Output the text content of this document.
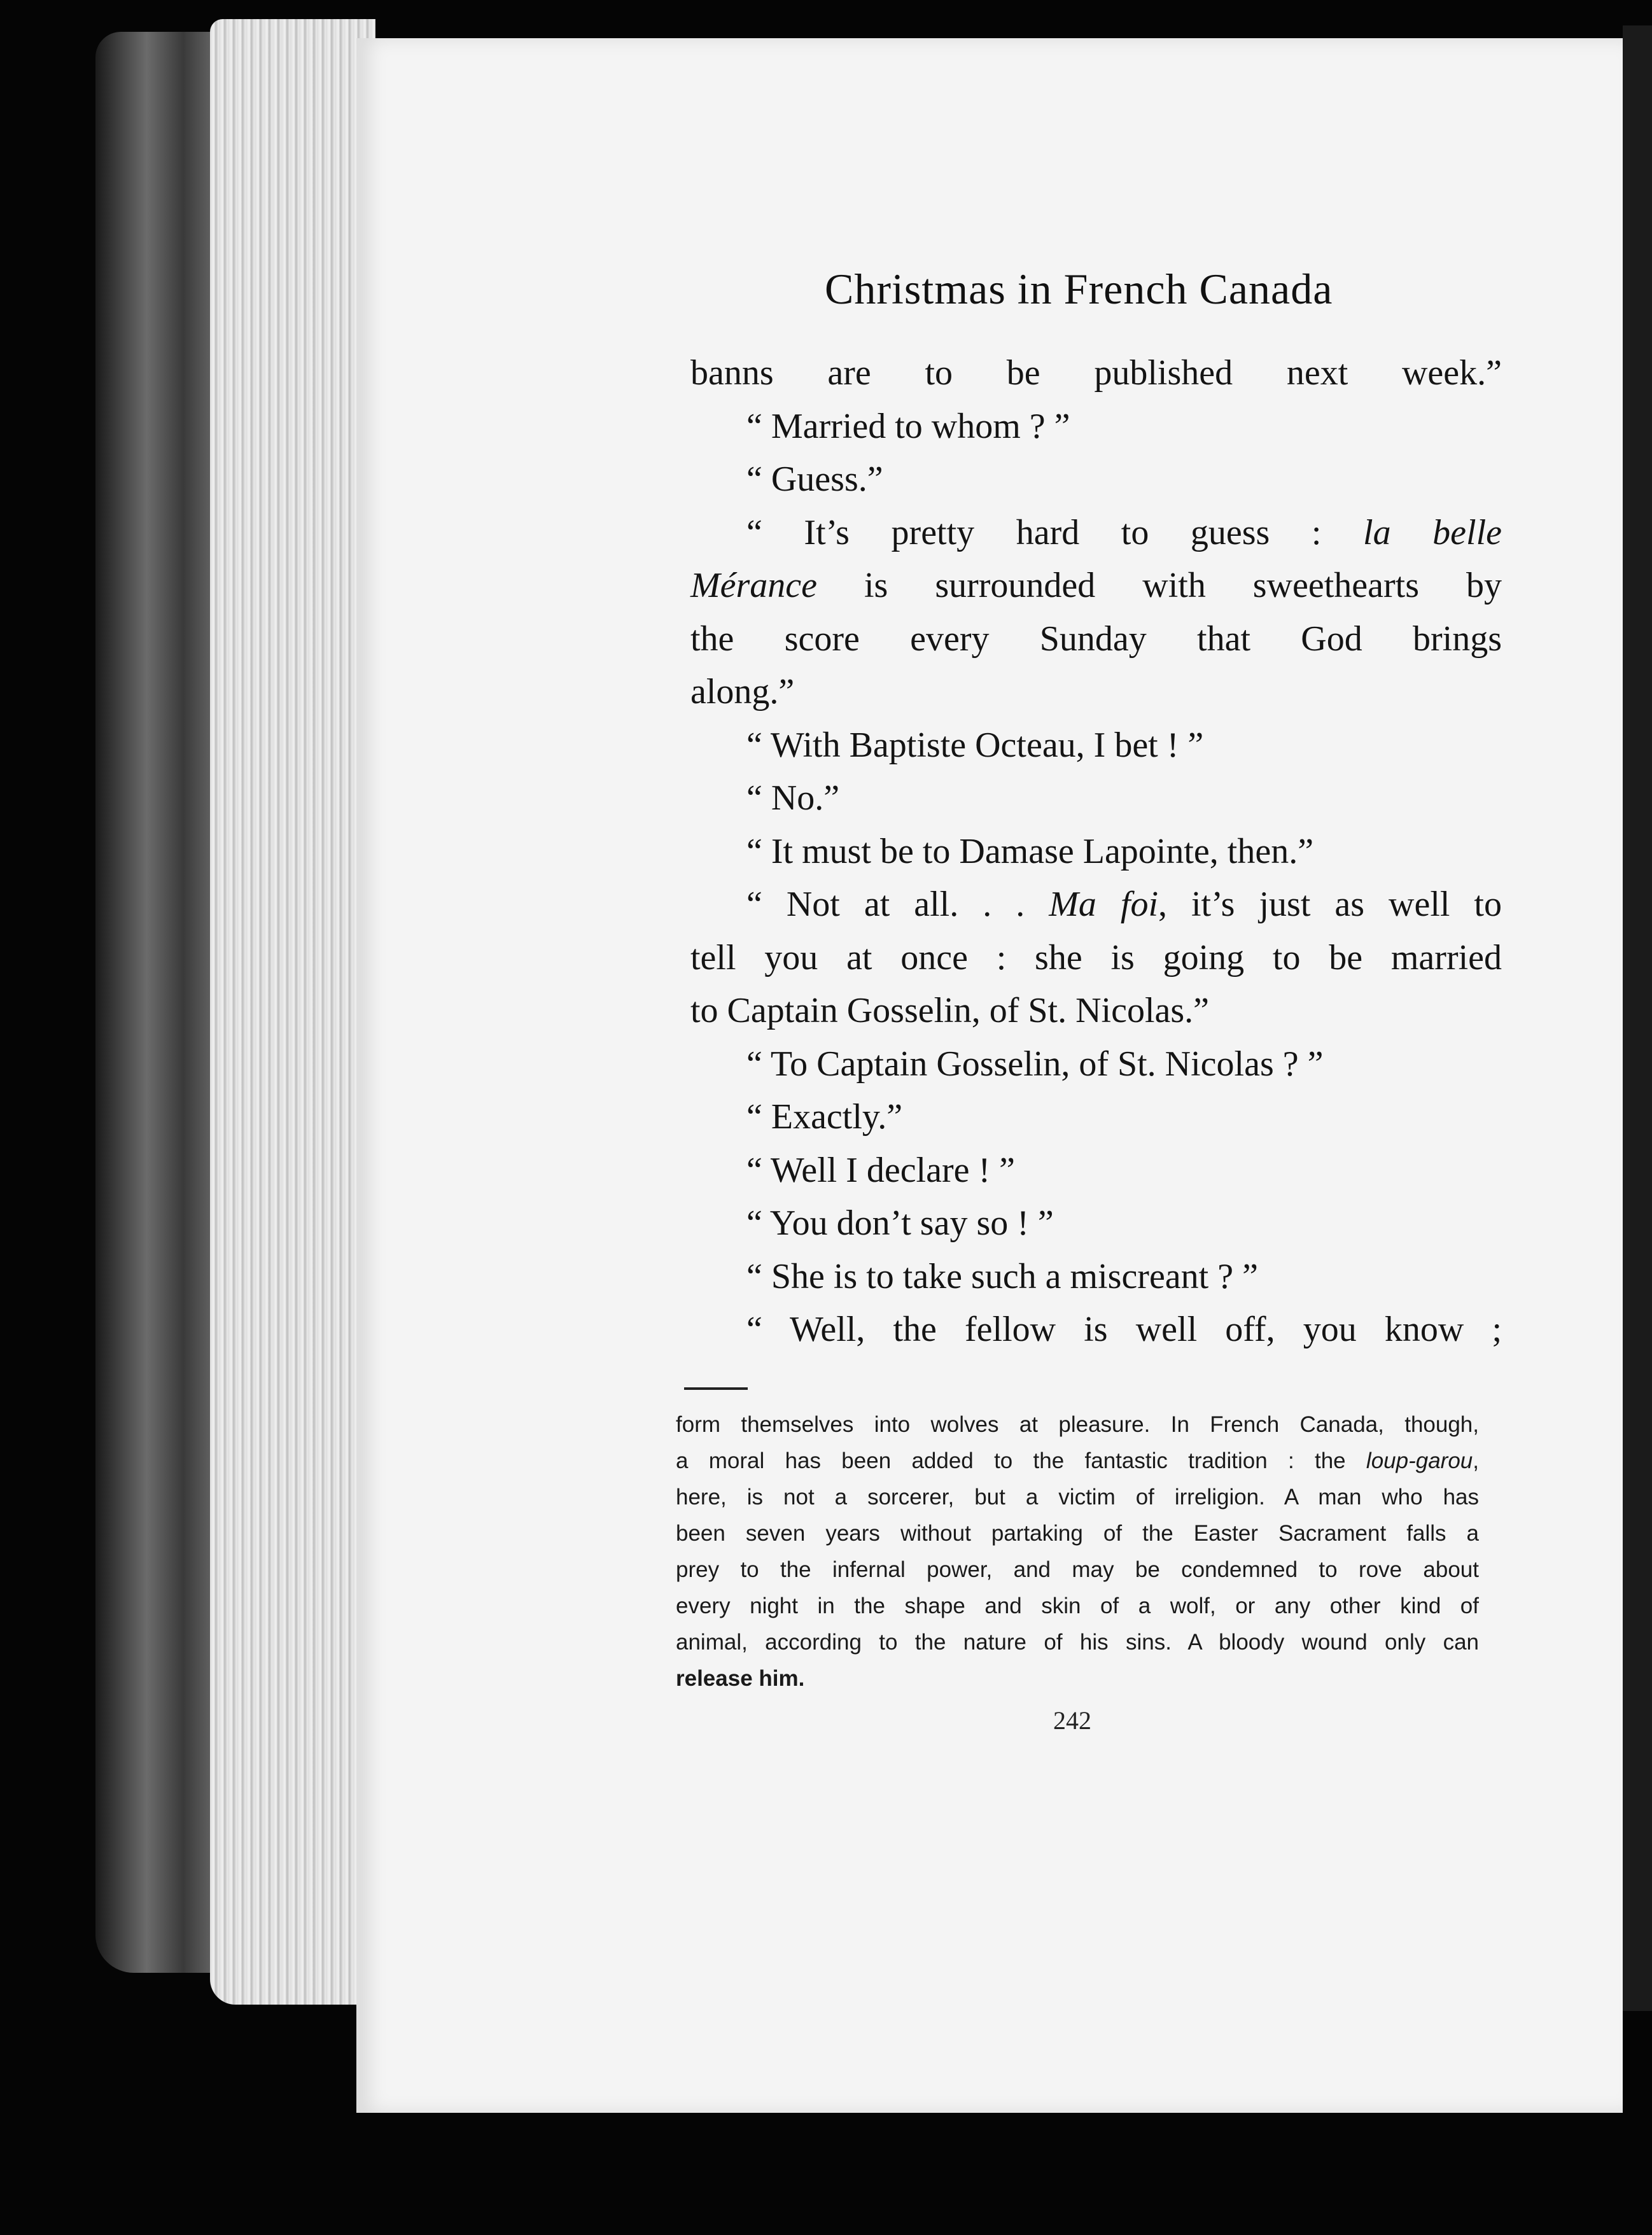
Christmas in French Canada

banns are to be published next week.”

“ Married to whom ? ”

“ Guess.”

“ It’s pretty hard to guess : la belle

Mérance is surrounded with sweethearts by

the score every Sunday that God brings

along.”

“ With Baptiste Octeau, I bet ! ”

“ No.”

“ It must be to Damase Lapointe, then.”

“ Not at all. . . Ma foi, it’s just as well to

tell you at once : she is going to be married

to Captain Gosselin, of St. Nicolas.”

“ To Captain Gosselin, of St. Nicolas ? ”

“ Exactly.”

“ Well I declare ! ”

“ You don’t say so ! ”

“ She is to take such a miscreant ? ”

“ Well, the fellow is well off, you know ;

form themselves into wolves at pleasure. In French Canada, though,

a moral has been added to the fantastic tradition : the loup-garou,

here, is not a sorcerer, but a victim of irreligion. A man who has

been seven years without partaking of the Easter Sacrament falls a

prey to the infernal power, and may be condemned to rove about

every night in the shape and skin of a wolf, or any other kind of

animal, according to the nature of his sins. A bloody wound only can

release him.

242
